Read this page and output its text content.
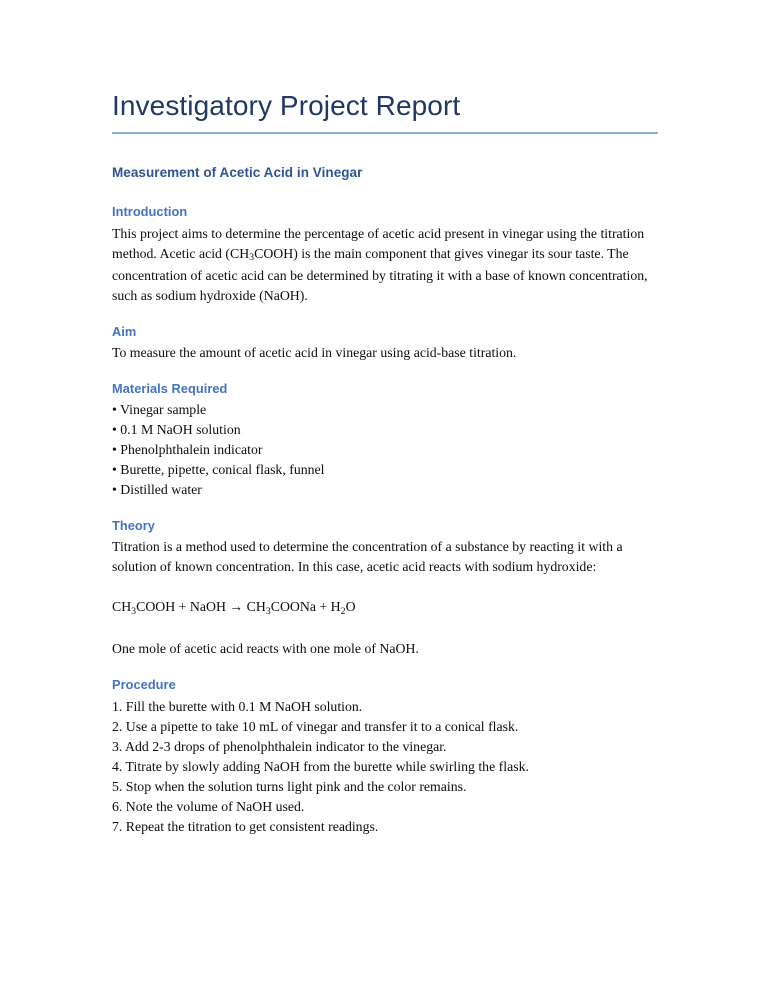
Investigatory Project Report
Measurement of Acetic Acid in Vinegar
Introduction

This project aims to determine the percentage of acetic acid present in vinegar using the titration method. Acetic acid $(CH_3COOH)$ is the main component that gives vinegar its sour taste. The concentration of acetic acid can be determined by titrating it with a base of known concentration, such as sodium hydroxide (NaOH).

Aim

To measure the amount of acetic acid in vinegar using acid-base titration.

Materials Required
• Vinegar sample
• 0.1 M NaOH solution
• Phenolphthalein indicator
• Burette, pipette, conical flask, funnel
• Distilled water
Theory

Titration is a method used to determine the concentration of a substance by reacting it with a solution of known concentration. In this case, acetic acid reacts with sodium hydroxide:

$CH_3COOH$ + NaOH → $CH_3COONa + H_2O$

One mole of acetic acid reacts with one mole of NaOH.

Procedure
1. Fill the burette with 0.1 M NaOH solution.
2. Use a pipette to take 10 mL of vinegar and transfer it to a conical flask.
3. Add 2-3 drops of phenolphthalein indicator to the vinegar.
4. Titrate by slowly adding NaOH from the burette while swirling the flask.
5. Stop when the solution turns light pink and the color remains.
6. Note the volume of NaOH used.
7. Repeat the titration to get consistent readings.
